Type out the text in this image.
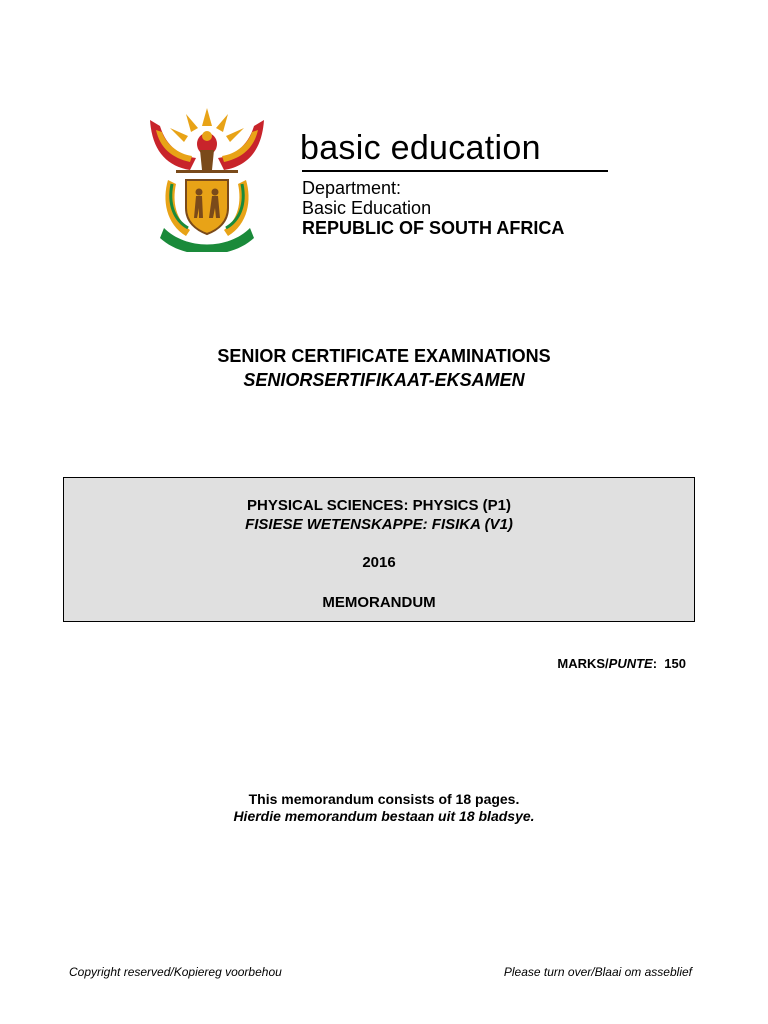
basic education
Department:
Basic Education
REPUBLIC OF SOUTH AFRICA
SENIOR CERTIFICATE EXAMINATIONS
SENIORSERTIFIKAAT-EKSAMEN
PHYSICAL SCIENCES: PHYSICS (P1)
FISIESE WETENSKAPPE: FISIKA (V1)
2016
MEMORANDUM
MARKS/PUNTE:  150
This memorandum consists of 18 pages.
Hierdie memorandum bestaan uit 18 bladsye.
Copyright reserved/Kopiereg voorbehou	Please turn over/Blaai om asseblief
